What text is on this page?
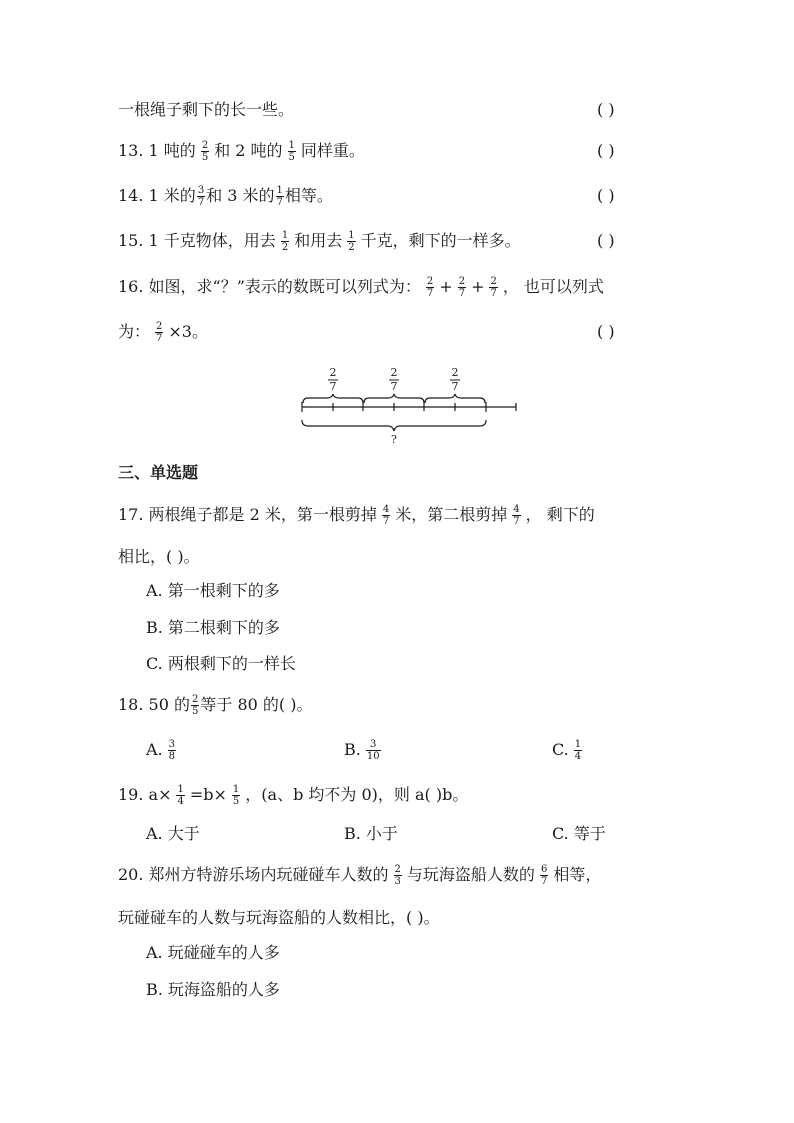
一根绳子剩下的长一些。	( )
13. 1 吨的 $\frac{2}{5}$ 和 2 吨的 $\frac{1}{5}$ 同样重。	( )
14. 1 米的 $\frac{3}{7}$ 和 3 米的 $\frac{1}{7}$ 相等。	( )
15. 1 千克物体，用去 $\frac{1}{2}$ 和用去 $\frac{1}{2}$ 千克，剩下的一样多。	( )
16. 如图，求“？”表示的数既可以列式为： $\frac{2}{7} + \frac{2}{7} + \frac{2}{7}$ ， 也可以列式
为： $\frac{2}{7} \times 3$。	( )
2
7
2
7
2
7
?
三、单选题
17. 两根绳子都是 2 米，第一根剪掉 $\frac{4}{7}$ 米，第二根剪掉 $\frac{4}{7}$ ， 剩下的
相比，( )。
A. 第一根剩下的多
B. 第二根剩下的多
C. 两根剩下的一样长
18. 50 的 $\frac{2}{5}$ 等于 80 的( )。
A. $\frac{3}{8}$	B. $\frac{3}{10}$	C. $\frac{1}{4}$
19. $a\times \frac{1}{4} =b\times \frac{1}{5}$ ，(a、b 均不为 0)，则 a( )b。
A. 大于	B. 小于	C. 等于
20. 郑州方特游乐场内玩碰碰车人数的 $\frac{2}{3}$ 与玩海盗船人数的 $\frac{6}{7}$ 相等，
玩碰碰车的人数与玩海盗船的人数相比，( )。
A. 玩碰碰车的人多
B. 玩海盗船的人多
